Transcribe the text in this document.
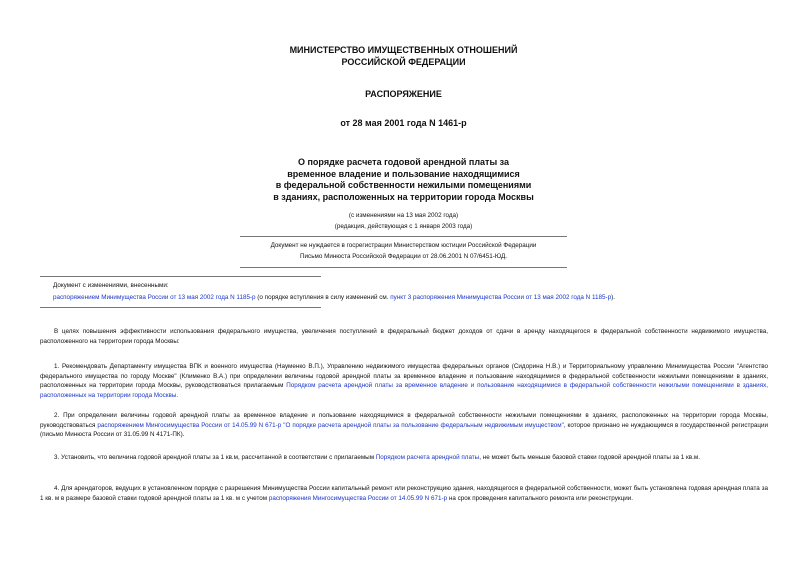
МИНИСТЕРСТВО ИМУЩЕСТВЕННЫХ ОТНОШЕНИЙ
РОССИЙСКОЙ ФЕДЕРАЦИИ
РАСПОРЯЖЕНИЕ
от 28 мая 2001 года N 1461-р
О порядке расчета годовой арендной платы за
временное владение и пользование находящимися
в федеральной собственности нежилыми помещениями
в зданиях, расположенных на территории города Москвы
(с изменениями на 13 мая 2002 года)
(редакция, действующая с 1 января 2003 года)
Документ не нуждается в госрегистрации Министерством юстиции Российской Федерации
Письмо Минюста Российской Федерации от 28.06.2001 N 07/6451-ЮД.
Документ с изменениями, внесенными:
распоряжением Минимущества России от 13 мая 2002 года N 1185-р (о порядке вступления в силу изменений см. пункт 3 распоряжения Минимущества России от 13 мая 2002 года N 1185-р).
В целях повышения эффективности использования федерального имущества, увеличения поступлений в федеральный бюджет доходов от сдачи в аренду находящегося в федеральной собственности недвижимого имущества, расположенного на территории города Москвы:
1. Рекомендовать Департаменту имущества ВПК и военного имущества (Науменко В.П.), Управлению недвижимого имущества федеральных органов (Сидорина Н.В.) и Территориальному управлению Минимущества России "Агентство федерального имущества по городу Москве" (Клименко В.А.) при определении величины годовой арендной платы за временное владение и пользование находящимися в федеральной собственности нежилыми помещениями в зданиях, расположенных на территории города Москвы, руководствоваться прилагаемым Порядком расчета арендной платы за временное владение и пользование находящимися в федеральной собственности нежилыми помещениями в зданиях, расположенных на территории города Москвы.
2. При определении величины годовой арендной платы за временное владение и пользование находящимися в федеральной собственности нежилыми помещениями в зданиях, расположенных на территории города Москвы, руководствоваться распоряжением Мингосимущества России от 14.05.99 N 671-р "О порядке расчета арендной платы за пользование федеральным недвижимым имуществом", которое признано не нуждающимся в государственной регистрации (письмо Минюста России от 31.05.99 N 4171-ПК).
3. Установить, что величина годовой арендной платы за 1 кв.м, рассчитанной в соответствии с прилагаемым Порядком расчета арендной платы, не может быть меньше базовой ставки годовой арендной платы за 1 кв.м.
4. Для арендаторов, ведущих в установленном порядке с разрешения Минимущества России капитальный ремонт или реконструкцию здания, находящегося в федеральной собственности, может быть установлена годовая арендная плата за 1 кв. м в размере базовой ставки годовой арендной платы за 1 кв. м с учетом распоряжения Мингосимущества России от 14.05.99 N 671-р на срок проведения капитального ремонта или реконструкции.
